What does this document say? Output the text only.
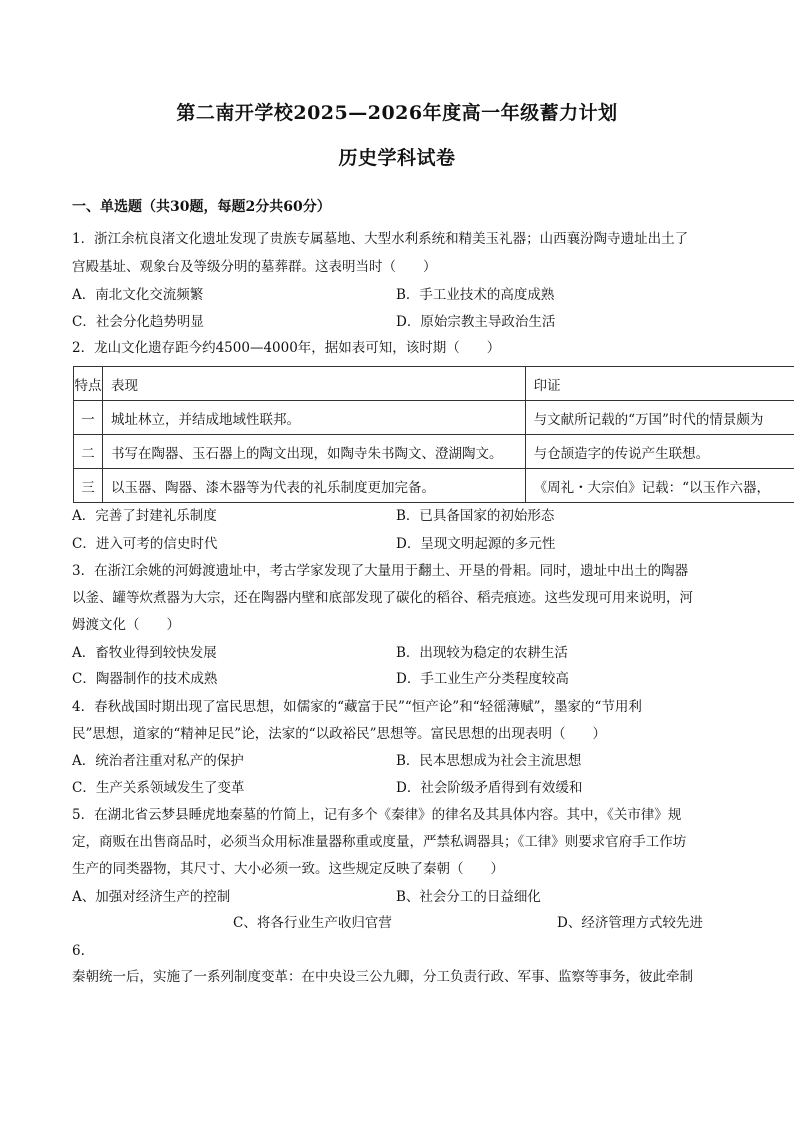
第二南开学校2025—2026年度高一年级蓄力计划
历史学科试卷
一、单选题（共30题，每题2分共60分）
1．浙江余杭良渚文化遗址发现了贵族专属墓地、大型水利系统和精美玉礼器；山西襄汾陶寺遗址出土了
宫殿基址、观象台及等级分明的墓葬群。这表明当时（　　）
A．南北文化交流频繁	B．手工业技术的高度成熟
C．社会分化趋势明显	D．原始宗教主导政治生活
2．龙山文化遗存距今约4500—4000年，据如表可知，该时期（　　）
特点	表现	印证
一	城址林立，并结成地域性联邦。	与文献所记载的“万国”时代的情景颇为
二	书写在陶器、玉石器上的陶文出现，如陶寺朱书陶文、澄湖陶文。	与仓颉造字的传说产生联想。
三	以玉器、陶器、漆木器等为代表的礼乐制度更加完备。	《周礼・大宗伯》记载：“以玉作六器，
A．完善了封建礼乐制度	B．已具备国家的初始形态
C．进入可考的信史时代	D．呈现文明起源的多元性
3．在浙江余姚的河姆渡遗址中，考古学家发现了大量用于翻土、开垦的骨耜。同时，遗址中出土的陶器
以釜、罐等炊煮器为大宗，还在陶器内壁和底部发现了碳化的稻谷、稻壳痕迹。这些发现可用来说明，河
姆渡文化（　　）
A．畜牧业得到较快发展	B．出现较为稳定的农耕生活
C．陶器制作的技术成熟	D．手工业生产分类程度较高
4．春秋战国时期出现了富民思想，如儒家的“藏富于民”“恒产论”和“轻徭薄赋”，墨家的“节用利
民”思想，道家的“精神足民”论，法家的“以政裕民”思想等。富民思想的出现表明（　　）
A．统治者注重对私产的保护	B．民本思想成为社会主流思想
C．生产关系领域发生了变革	D．社会阶级矛盾得到有效缓和
5．在湖北省云梦县睡虎地秦墓的竹简上，记有多个《秦律》的律名及其具体内容。其中，《关市律》规
定，商贩在出售商品时，必须当众用标准量器称重或度量，严禁私调器具；《工律》则要求官府手工作坊
生产的同类器物，其尺寸、大小必须一致。这些规定反映了秦朝（　　）
A、加强对经济生产的控制	B、社会分工的日益细化
C、将各行业生产收归官营	D、经济管理方式较先进
6.
秦朝统一后，实施了一系列制度变革：在中央设三公九卿，分工负责行政、军事、监察等事务，彼此牵制
